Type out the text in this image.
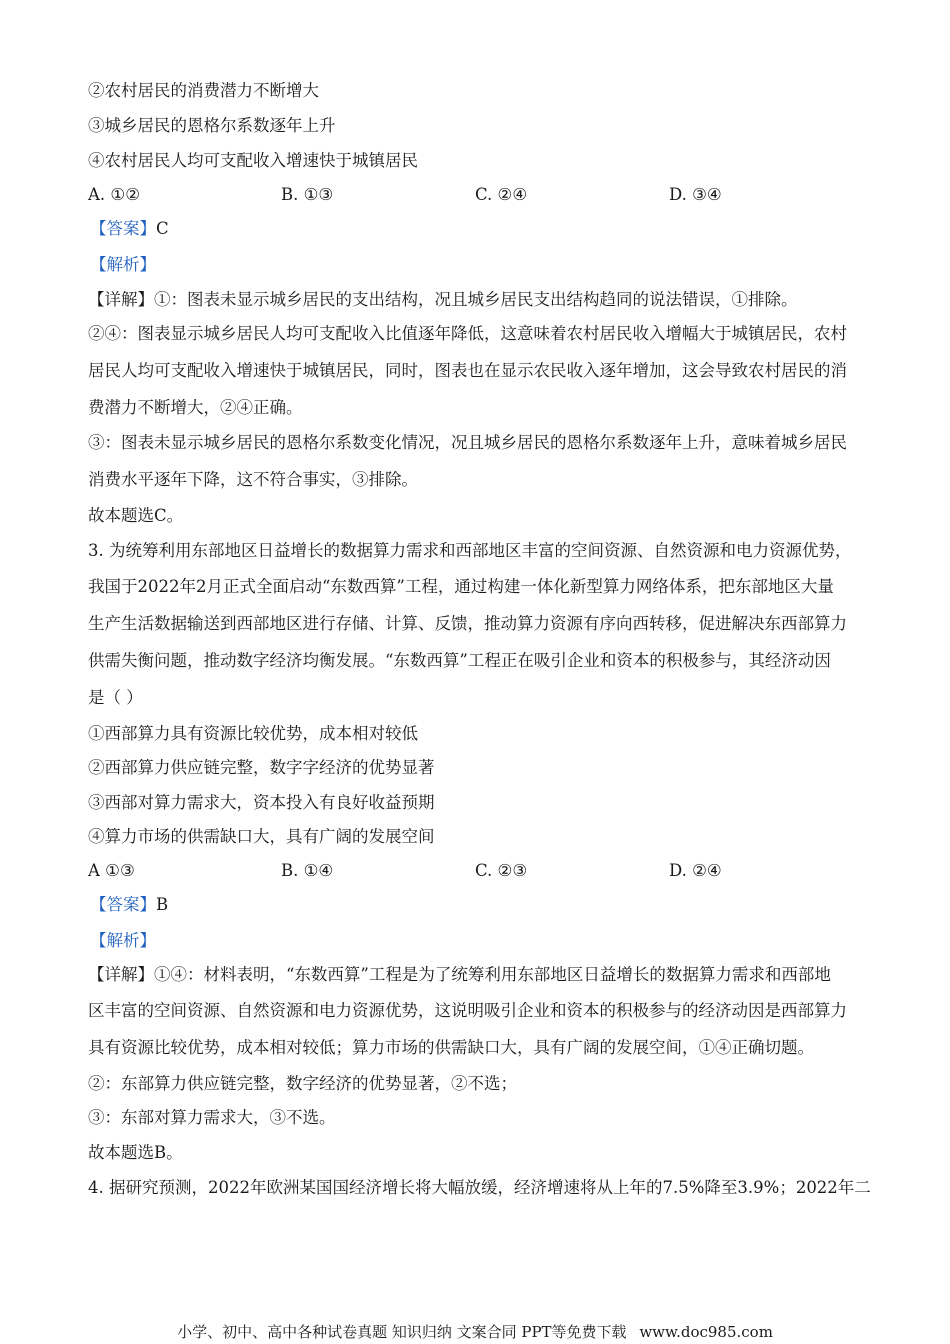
②农村居民的消费潜力不断增大
③城乡居民的恩格尔系数逐年上升
④农村居民人均可支配收入增速快于城镇居民
A. ①②	B. ①③	C. ②④	D. ③④
【答案】C
【解析】
【详解】①：图表未显示城乡居民的支出结构，况且城乡居民支出结构趋同的说法错误，①排除。
②④：图表显示城乡居民人均可支配收入比值逐年降低，这意味着农村居民收入增幅大于城镇居民，农村
居民人均可支配收入增速快于城镇居民，同时，图表也在显示农民收入逐年增加，这会导致农村居民的消
费潜力不断增大，②④正确。
③：图表未显示城乡居民的恩格尔系数变化情况，况且城乡居民的恩格尔系数逐年上升，意味着城乡居民
消费水平逐年下降，这不符合事实，③排除。
故本题选C。
3. 为统筹利用东部地区日益增长的数据算力需求和西部地区丰富的空间资源、自然资源和电力资源优势，
我国于2022年2月正式全面启动“东数西算”工程，通过构建一体化新型算力网络体系，把东部地区大量
生产生活数据输送到西部地区进行存储、计算、反馈，推动算力资源有序向西转移，促进解决东西部算力
供需失衡问题，推动数字经济均衡发展。“东数西算”工程正在吸引企业和资本的积极参与，其经济动因
是（ ）
①西部算力具有资源比较优势，成本相对较低
②西部算力供应链完整，数字字经济的优势显著
③西部对算力需求大，资本投入有良好收益预期
④算力市场的供需缺口大，具有广阔的发展空间
A ①③	B. ①④	C. ②③	D. ②④
【答案】B
【解析】
【详解】①④：材料表明，“东数西算”工程是为了统筹利用东部地区日益增长的数据算力需求和西部地
区丰富的空间资源、自然资源和电力资源优势，这说明吸引企业和资本的积极参与的经济动因是西部算力
具有资源比较优势，成本相对较低；算力市场的供需缺口大，具有广阔的发展空间，①④正确切题。
②：东部算力供应链完整，数字经济的优势显著，②不选；
③：东部对算力需求大，③不选。
故本题选B。
4. 据研究预测，2022年欧洲某国国经济增长将大幅放缓，经济增速将从上年的7.5%降至3.9%；2022年二
小学、初中、高中各种试卷真题 知识归纳 文案合同 PPT等免费下载 www.doc985.com
